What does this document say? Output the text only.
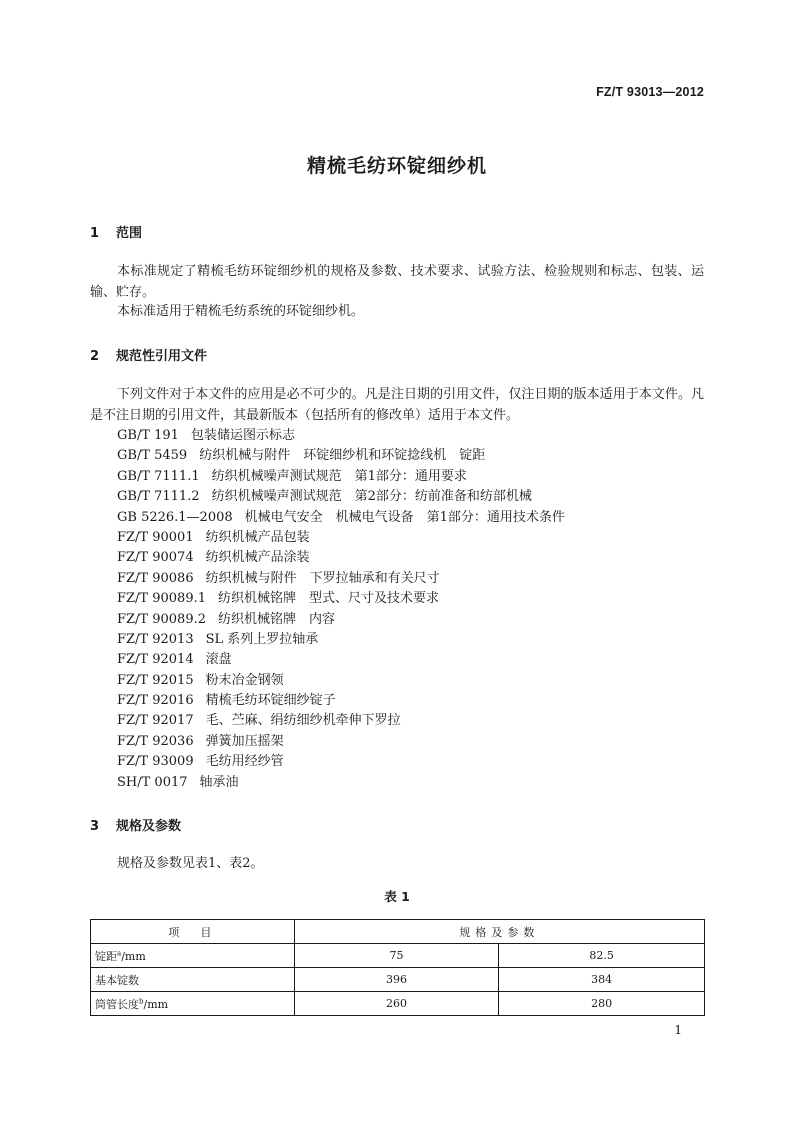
FZ/T 93013—2012
精梳毛纺环锭细纱机
1 范围

本标准规定了精梳毛纺环锭细纱机的规格及参数、技术要求、试验方法、检验规则和标志、包装、运输、贮存。

本标准适用于精梳毛纺系统的环锭细纱机。

2 规范性引用文件

下列文件对于本文件的应用是必不可少的。凡是注日期的引用文件，仅注日期的版本适用于本文件。凡是不注日期的引用文件，其最新版本（包括所有的修改单）适用于本文件。

GB/T 191 包装储运图示标志
GB/T 5459 纺织机械与附件　环锭细纱机和环锭捻线机　锭距
GB/T 7111.1 纺织机械噪声测试规范　第1部分：通用要求
GB/T 7111.2 纺织机械噪声测试规范　第2部分：纺前准备和纺部机械
GB 5226.1—2008 机械电气安全　机械电气设备　第1部分：通用技术条件
FZ/T 90001 纺织机械产品包装
FZ/T 90074 纺织机械产品涂装
FZ/T 90086 纺织机械与附件　下罗拉轴承和有关尺寸
FZ/T 90089.1 纺织机械铭牌　型式、尺寸及技术要求
FZ/T 90089.2 纺织机械铭牌　内容
FZ/T 92013 SL 系列上罗拉轴承
FZ/T 92014 滚盘
FZ/T 92015 粉末冶金钢领
FZ/T 92016 精梳毛纺环锭细纱锭子
FZ/T 92017 毛、苎麻、绢纺细纱机牵伸下罗拉
FZ/T 92036 弹簧加压摇架
FZ/T 93009 毛纺用经纱管
SH/T 0017 轴承油
3 规格及参数

规格及参数见表1、表2。

表 1
项　目	规格及参数	
锭距$^a$/mm	75	82.5
基本锭数	396	384
筒管长度$^b$/mm	260	280
1
